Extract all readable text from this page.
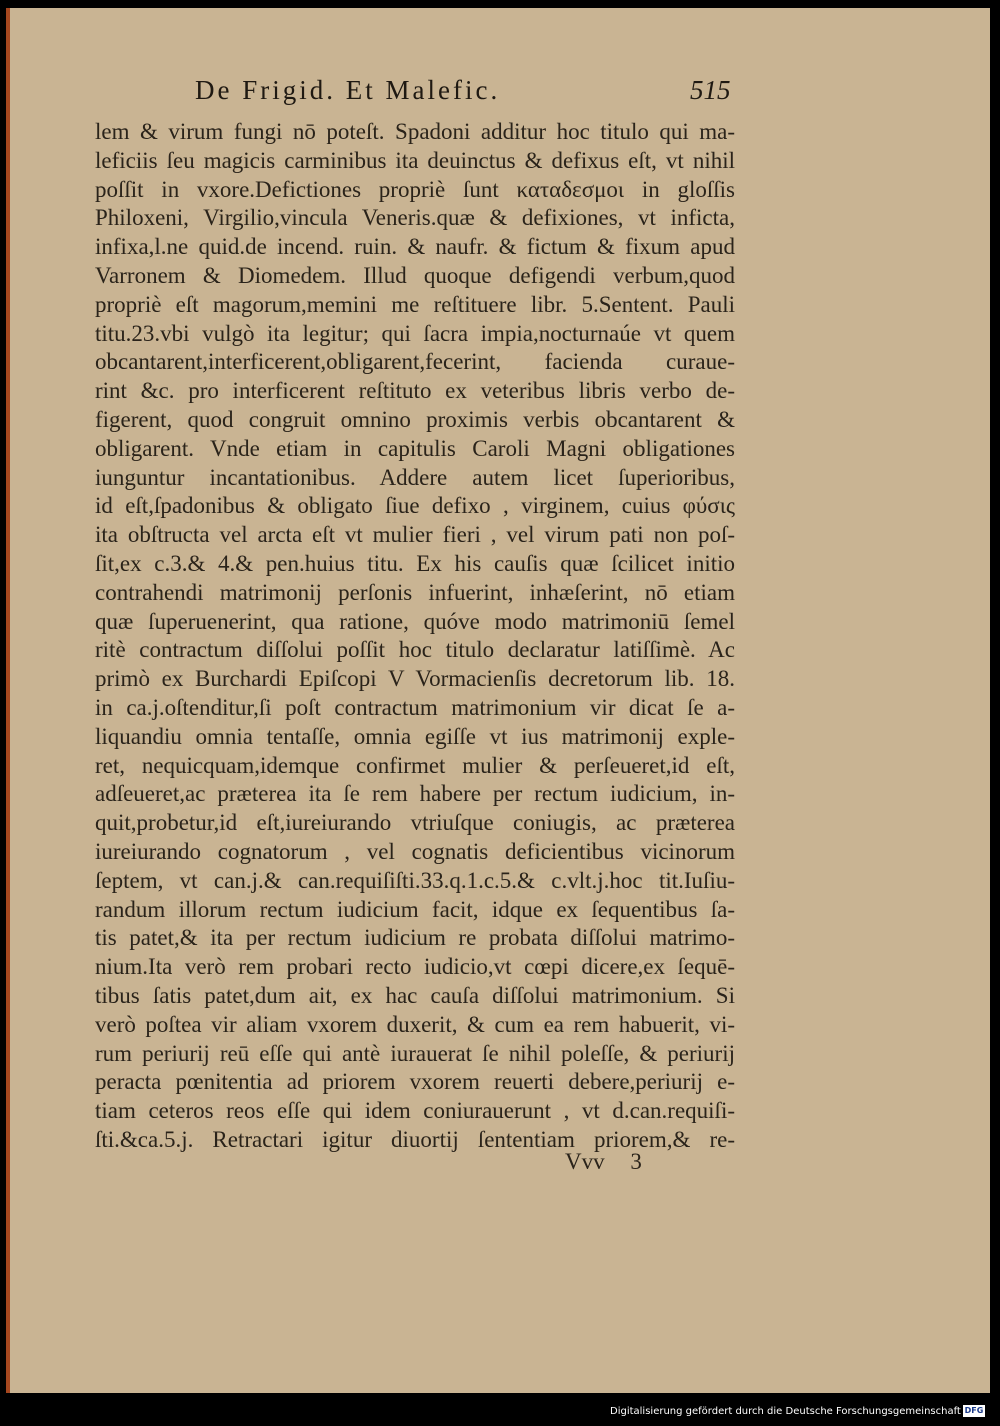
De Frigid. Et Malefic.	515
lem & virum fungi nō poteſt. Spadoni additur hoc titulo qui ma-
leficiis ſeu magicis carminibus ita deuinctus & defixus eſt, vt nihil
poſſit in vxore.Defictiones propriè ſunt καταδεσμοι in gloſſis
Philoxeni, Virgilio,vincula Veneris.quæ & defixiones, vt inficta,
infixa,l.ne quid.de incend. ruin. & naufr. & fictum & fixum apud
Varronem & Diomedem. Illud quoque defigendi verbum,quod
propriè eſt magorum,memini me reſtituere libr. 5.Sentent. Pauli
titu.23.vbi vulgò ita legitur; qui ſacra impia,nocturnaúe vt quem
obcantarent,interficerent,obligarent,fecerint, facienda curaue-
rint &c. pro interficerent reſtituto ex veteribus libris verbo de-
figerent, quod congruit omnino proximis verbis obcantarent &
obligarent. Vnde etiam in capitulis Caroli Magni obligationes
iunguntur incantationibus. Addere autem licet ſuperioribus,
id eſt,ſpadonibus & obligato ſiue defixo , virginem, cuius φύσις
ita obſtructa vel arcta eſt vt mulier fieri , vel virum pati non poſ-
ſit,ex c.3.& 4.& pen.huius titu. Ex his cauſis quæ ſcilicet initio
contrahendi matrimonij perſonis infuerint, inhæſerint, nō etiam
quæ ſuperuenerint, qua ratione, quóve modo matrimoniū ſemel
ritè contractum diſſolui poſſit hoc titulo declaratur latiſſimè. Ac
primò ex Burchardi Epiſcopi V Vormacienſis decretorum lib. 18.
in ca.j.oſtenditur,ſi poſt contractum matrimonium vir dicat ſe a-
liquandiu omnia tentaſſe, omnia egiſſe vt ius matrimonij exple-
ret, nequicquam,idemque confirmet mulier & perſeueret,id eſt,
adſeueret,ac præterea ita ſe rem habere per rectum iudicium, in-
quit,probetur,id eſt,iureiurando vtriuſque coniugis, ac præterea
iureiurando cognatorum , vel cognatis deficientibus vicinorum
ſeptem, vt can.j.& can.requiſiſti.33.q.1.c.5.& c.vlt.j.hoc tit.Iuſiu-
randum illorum rectum iudicium facit, idque ex ſequentibus ſa-
tis patet,& ita per rectum iudicium re probata diſſolui matrimo-
nium.Ita verò rem probari recto iudicio,vt cœpi dicere,ex ſequē-
tibus ſatis patet,dum ait, ex hac cauſa diſſolui matrimonium. Si
verò poſtea vir aliam vxorem duxerit, & cum ea rem habuerit, vi-
rum periurij reū eſſe qui antè iurauerat ſe nihil poleſſe, & periurij
peracta pœnitentia ad priorem vxorem reuerti debere,periurij e-
tiam ceteros reos eſſe qui idem coniurauerunt , vt d.can.requiſi-
ſti.&ca.5.j. Retractari igitur diuortij ſententiam priorem,& re-
Vvv 3
Digitalisierung gefördert durch die Deutsche Forschungsgemeinschaft DFG
